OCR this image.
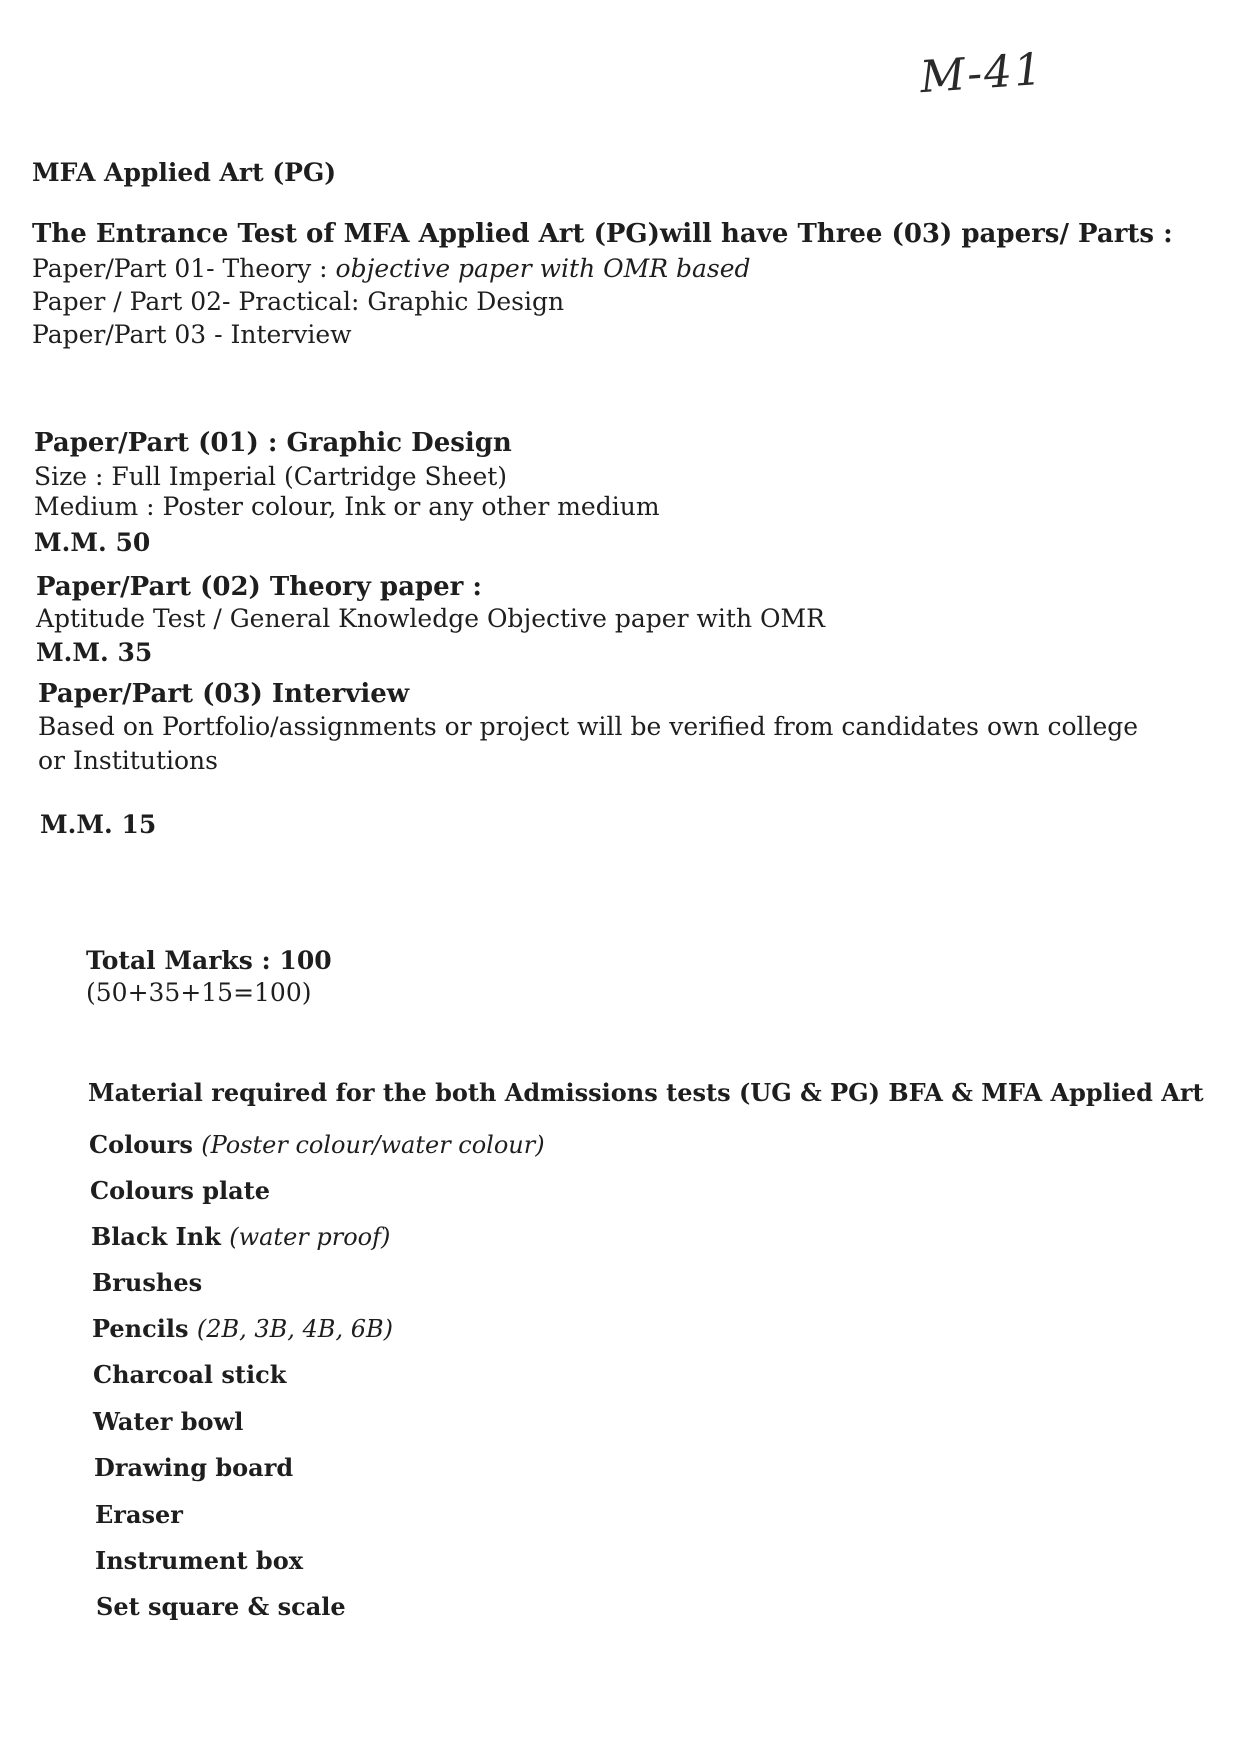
M-41
MFA Applied Art (PG)
The Entrance Test of MFA Applied Art (PG)will have Three (03) papers/ Parts :
Paper/Part 01- Theory : objective paper with OMR based
Paper / Part 02- Practical: Graphic Design
Paper/Part 03 - Interview
Paper/Part (01) : Graphic Design
Size : Full Imperial (Cartridge Sheet)
Medium : Poster colour, Ink or any other medium
M.M. 50
Paper/Part (02) Theory paper :
Aptitude Test / General Knowledge Objective paper with OMR
M.M. 35
Paper/Part (03) Interview
Based on Portfolio/assignments or project will be verified from candidates own college
or Institutions
M.M. 15
Total Marks : 100
(50+35+15=100)
Material required for the both Admissions tests (UG & PG) BFA & MFA Applied Art
Colours (Poster colour/water colour)
Colours plate
Black Ink (water proof)
Brushes
Pencils (2B, 3B, 4B, 6B)
Charcoal stick
Water bowl
Drawing board
Eraser
Instrument box
Set square & scale
